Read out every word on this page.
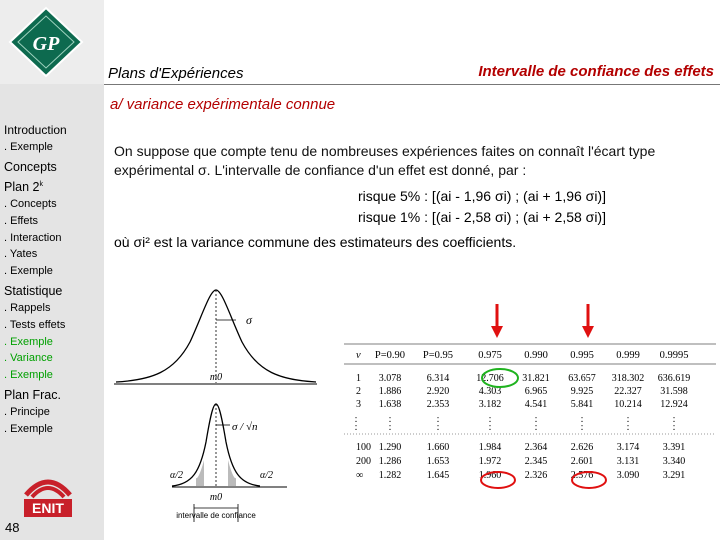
GP
Plans d'Expériences	Intervalle de confiance des effets
a/ variance expérimentale connue
Introduction
. Exemple
Concepts
Plan 2$^k$
. Concepts
. Effets
. Interaction
. Yates
. Exemple
Statistique
. Rappels
. Tests effets
. Exemple
. Variance
. Exemple
Plan Frac.
. Principe
. Exemple
ENIT
48
On suppose que compte tenu de nombreuses expériences faites on connaît l'écart type expérimental σ. L'intervalle de confiance d'un effet est donné, par :
risque 5% : [(ai - 1,96 σi) ; (ai + 1,96 σi)]
risque 1% : [(ai - 2,58 σi) ; (ai + 2,58 σi)]
où σi² est la variance commune des estimateurs des coefficients.
σ
m0
σ / √n
α/2	α/2
m0
intervalle de confiance
ν P=0.90 P=0.95 0.975 0.990 0.995 0.999 0.9995
1 3.078	6.314	12.706 31.821 63.657 318.302 636.619
2 1.886	2.920	4.303 6.965 9.925 22.327 31.598
3 1.638	2.353	3.182 4.541 5.841 10.214 12.924
100 1.290	1.660	1.984 2.364 2.626 3.174 3.391
200 1.286	1.653	1.972 2.345 2.601 3.131 3.340
∞ 1.282	1.645	1.960 2.326 2.576 3.090 3.291
:	:	:	:	:	:	:	:
:	:	:	:	:	:	:	:
